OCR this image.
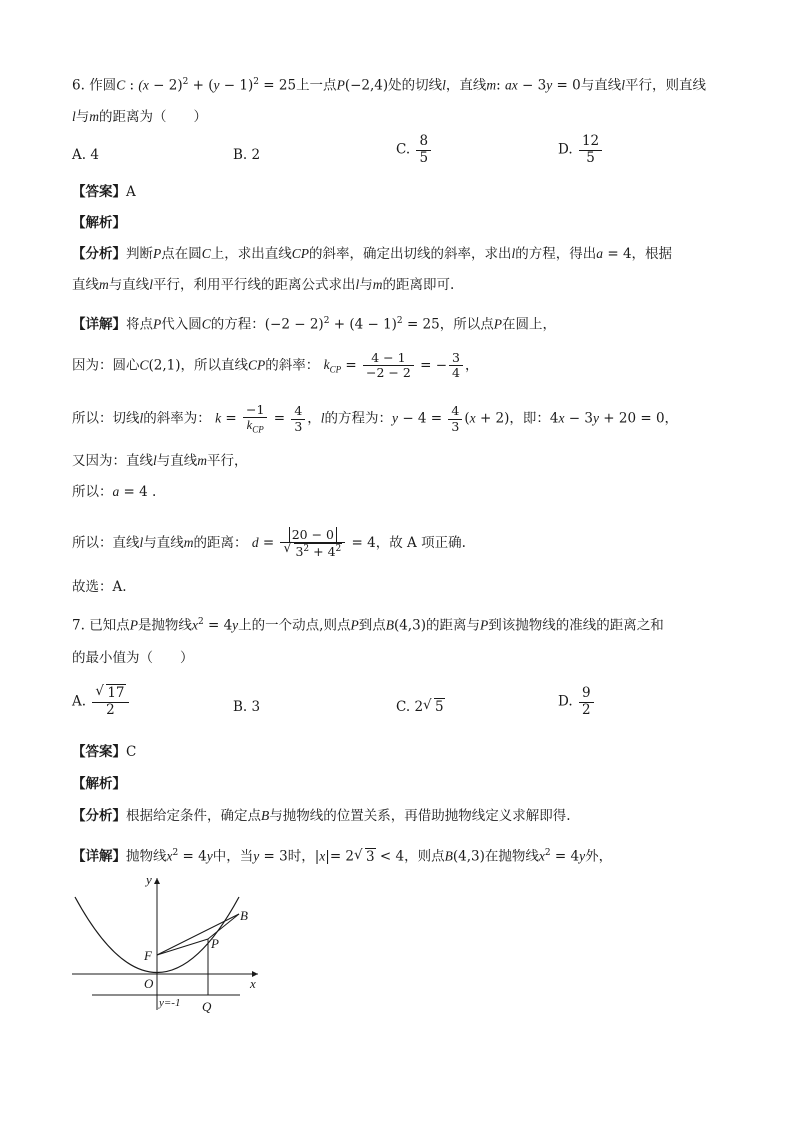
6. 作圆C : $(x - 2)^2 + (y - 1)^2 = 25$上一点P(−2,4)处的切线l，直线m: ax − 3y = 0与直线l平行，则直线
l与m的距离为（　　）
A. 4	B. 2	C. $\frac{8}{5}$	D. $\frac{12}{5}$
【答案】A
【解析】
【分析】判断P点在圆C上，求出直线CP的斜率，确定出切线的斜率，求出l的方程，得出a = 4，根据
直线m与直线l平行，利用平行线的距离公式求出l与m的距离即可.
【详解】将点P代入圆C的方程：$(-2 - 2)^2 + (4 - 1)^2 = 25$，所以点P在圆上，
因为：圆心C(2,1)，所以直线CP的斜率： $k_{CP} = \frac{4 - 1}{-2 - 2}$ = − $\frac{3}{4}$ ，
所以：切线l的斜率为： $k = \frac{-1}{k_{CP}} = \frac{4}{3}$ ，l的方程为：$y - 4 = \frac{4}{3} (x + 2)$，即：4x − 3y + 20 = 0，
又因为：直线l与直线m平行，
所以：a = 4 .
所以：直线l与直线m的距离： d = 20 − 0
√ $3^2 + 4^2 = 4$，故 A 项正确.
故选：A.
7. 已知点P是抛物线$x^2 = 4y$上的一个动点,则点P到点B(4,3)的距离与P到该抛物线的准线的距离之和
的最小值为（　　）
A. √ $\frac{17}{2}$	B. 3	C. 2 √ 5	D. $\frac{9}{2}$
【答案】C
【解析】
【分析】根据给定条件，确定点B与抛物线的位置关系，再借助抛物线定义求解即得.
【详解】抛物线$x^2 = 4y$中，当y = 3时，|x|= 2 √ 3 < 4，则点B(4,3)在抛物线$x^2 = 4y$外，
y
x
O
F
P
B
Q
y=-1
